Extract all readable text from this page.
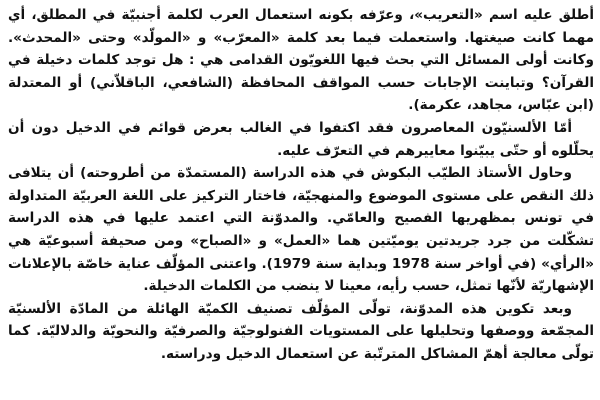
أطلق عليه اسم «التعريب»، وعرّفه بكونه استعمال العرب لكلمة أجنبيّة في المطلق، أي مهما كانت صيغتها. واستعملت فيما بعد كلمة «المعرّب» و «المولّد» وحتى «المحدث». وكانت أولى المسائل التي بحث فيها اللغويّون القدامى هي : هل توجد كلمات دخيلة في القرآن؟ وتباينت الإجابات حسب المواقف المحافظة (الشافعي، الباقلاّني) أو المعتدلة (ابن عبّاس، مجاهد، عكرمة).

أمّا الألسنيّون المعاصرون فقد اكتفوا في الغالب بعرض قوائم في الدخيل دون أن يحلّلوه أو حتّى يبيّنوا معاييرهم في التعرّف عليه.

وحاول الأستاذ الطيّب البكوش في هذه الدراسة (المستمدّة من أطروحته) أن يتلافى ذلك النقص على مستوى الموضوع والمنهجيّة، فاختار التركيز على اللغة العربيّة المتداولة في تونس بمظهريها الفصيح والعامّي. والمدوّنة التي اعتمد عليها في هذه الدراسة تشكّلت من جرد جريدتين يوميّتين هما «العمل» و «الصباح» ومن صحيفة أسبوعيّة هي «الرأي» (في أواخر سنة 1978 وبداية سنة 1979). واعتنى المؤلّف عناية خاصّة بالإعلانات الإشهاريّة لأنّها تمثل، حسب رأيه، معينا لا ينضب من الكلمات الدخيلة.

وبعد تكوين هذه المدوّنة، تولّى المؤلّف تصنيف الكميّة الهائلة من المادّة الألسنيّة المجمّعة ووصفها وتحليلها على المستويات الفنولوجيّة والصرفيّة والنحويّة والدلاليّة. كما تولّى معالجة أهمّ المشاكل المترتّبة عن استعمال الدخيل ودراسته.
